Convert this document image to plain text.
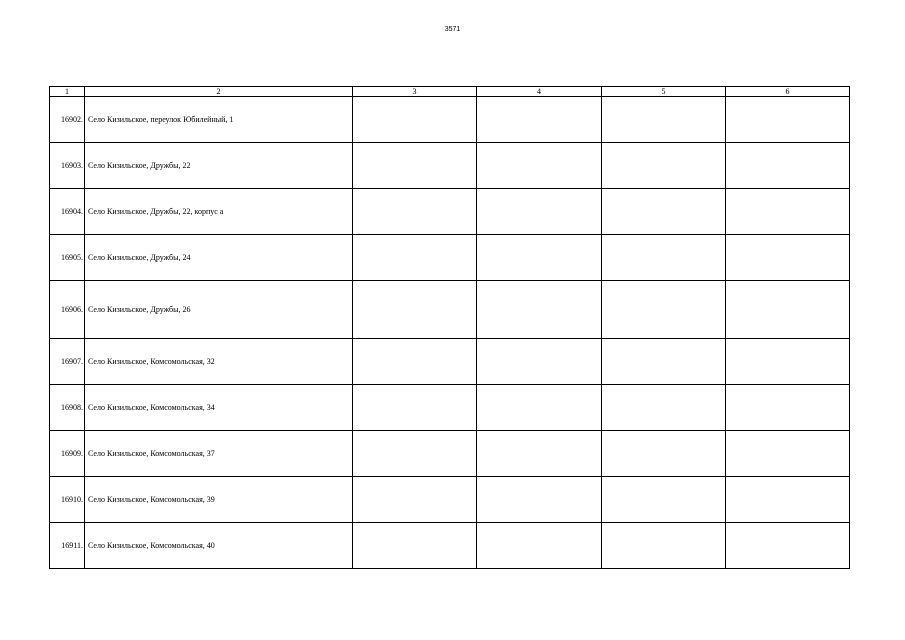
3571
1	2	3	4	5	6
16902.	Село Кизильское, переулок Юбилейный, 1				
16903.	Село Кизильское, Дружбы, 22				
16904.	Село Кизильское, Дружбы, 22, корпус а				
16905.	Село Кизильское, Дружбы, 24				
16906.	Село Кизильское, Дружбы, 26				
16907.	Село Кизильское, Комсомольская, 32				
16908.	Село Кизильское, Комсомольская, 34				
16909.	Село Кизильское, Комсомольская, 37				
16910.	Село Кизильское, Комсомольская, 39				
16911.	Село Кизильское, Комсомольская, 40				
